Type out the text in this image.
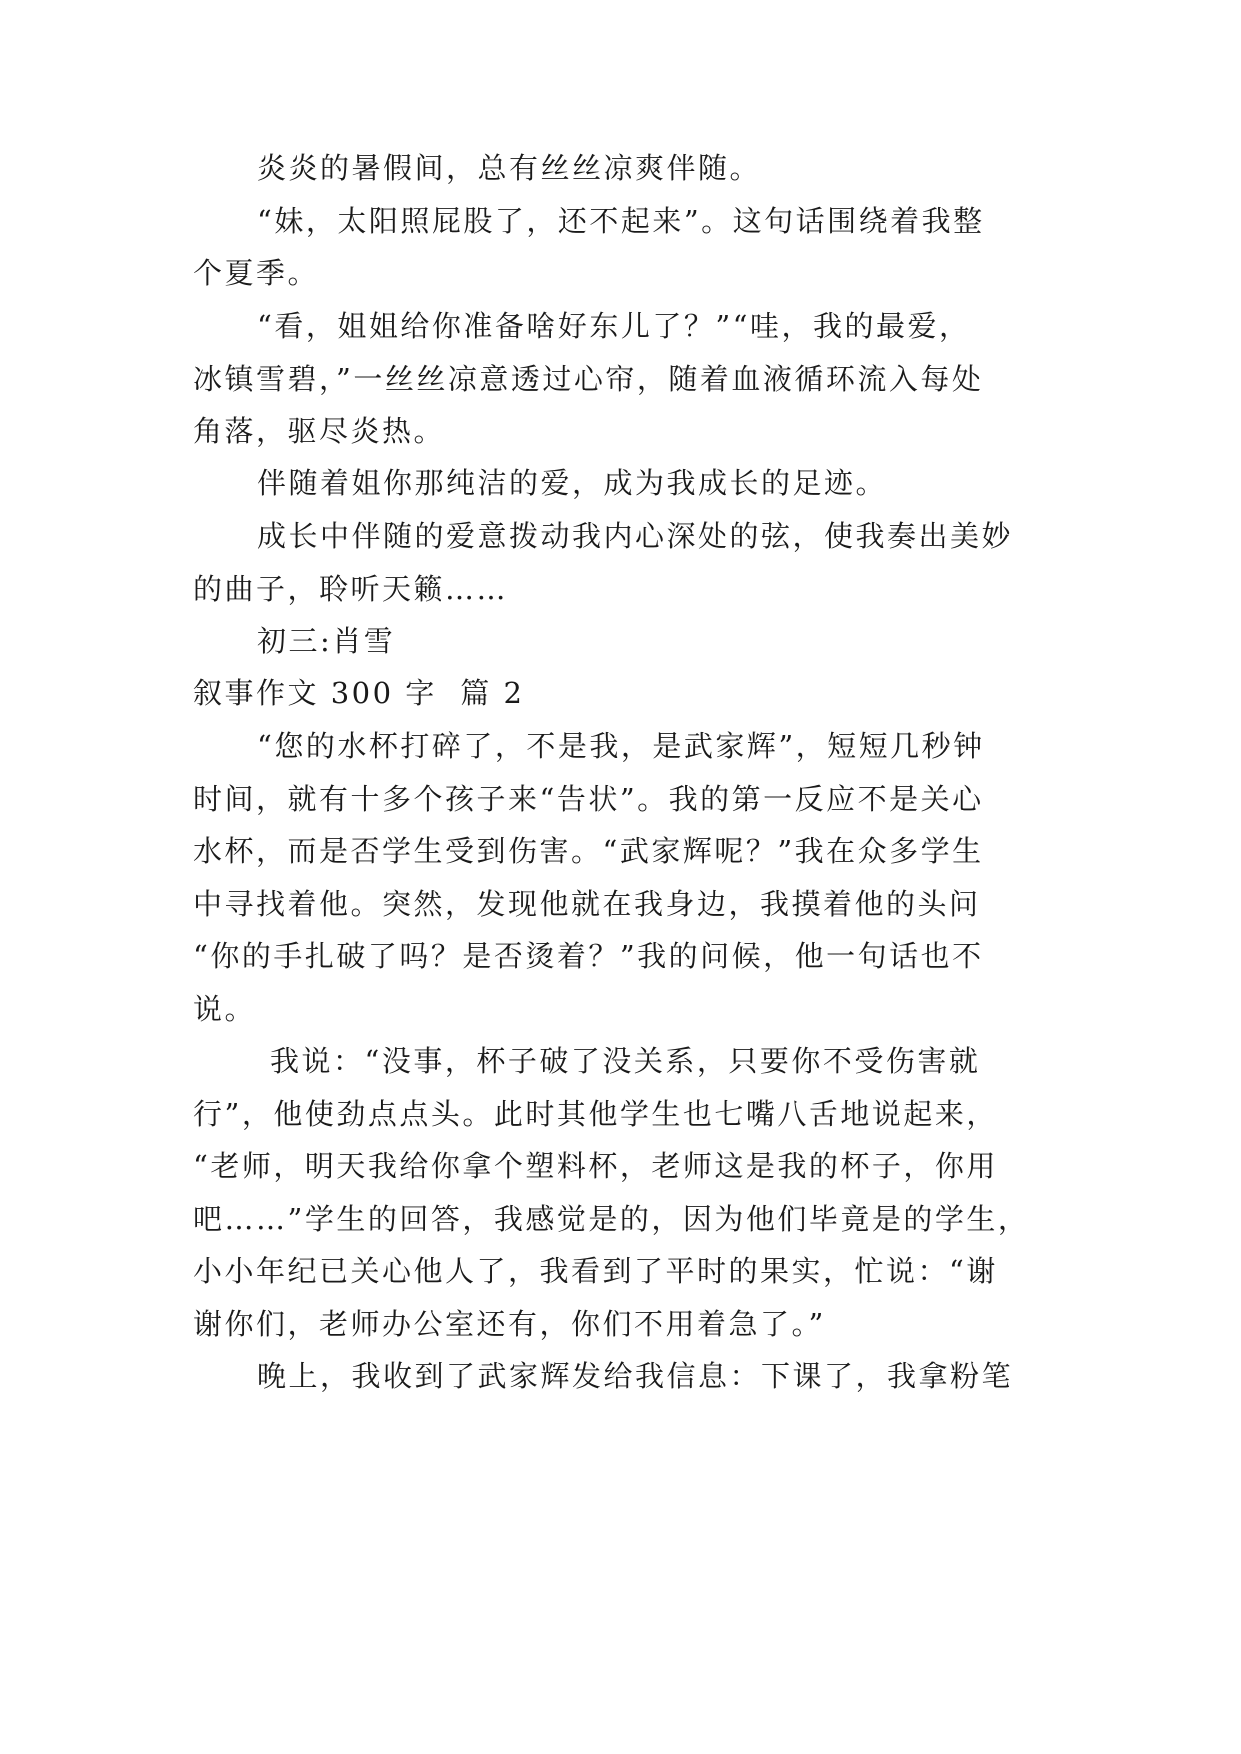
炎炎的暑假间，总有丝丝凉爽伴随。
“妹，太阳照屁股了，还不起来”。这句话围绕着我整
个夏季。
“看，姐姐给你准备啥好东儿了？”“哇，我的最爱，
冰镇雪碧，”一丝丝凉意透过心帘，随着血液循环流入每处
角落，驱尽炎热。
伴随着姐你那纯洁的爱，成为我成长的足迹。
成长中伴随的爱意拨动我内心深处的弦，使我奏出美妙
的曲子，聆听天籁……
初三:肖雪
叙事作文 300 字  篇 2
“您的水杯打碎了，不是我，是武家辉”，短短几秒钟
时间，就有十多个孩子来“告状”。我的第一反应不是关心
水杯，而是否学生受到伤害。“武家辉呢？”我在众多学生
中寻找着他。突然，发现他就在我身边，我摸着他的头问
“你的手扎破了吗？是否烫着？”我的问候，他一句话也不
说。
我说：“没事，杯子破了没关系，只要你不受伤害就
行”，他使劲点点头。此时其他学生也七嘴八舌地说起来，
“老师，明天我给你拿个塑料杯，老师这是我的杯子，你用
吧……”学生的回答，我感觉是的，因为他们毕竟是的学生，
小小年纪已关心他人了，我看到了平时的果实，忙说：“谢
谢你们，老师办公室还有，你们不用着急了。”
晚上，我收到了武家辉发给我信息：下课了，我拿粉笔
